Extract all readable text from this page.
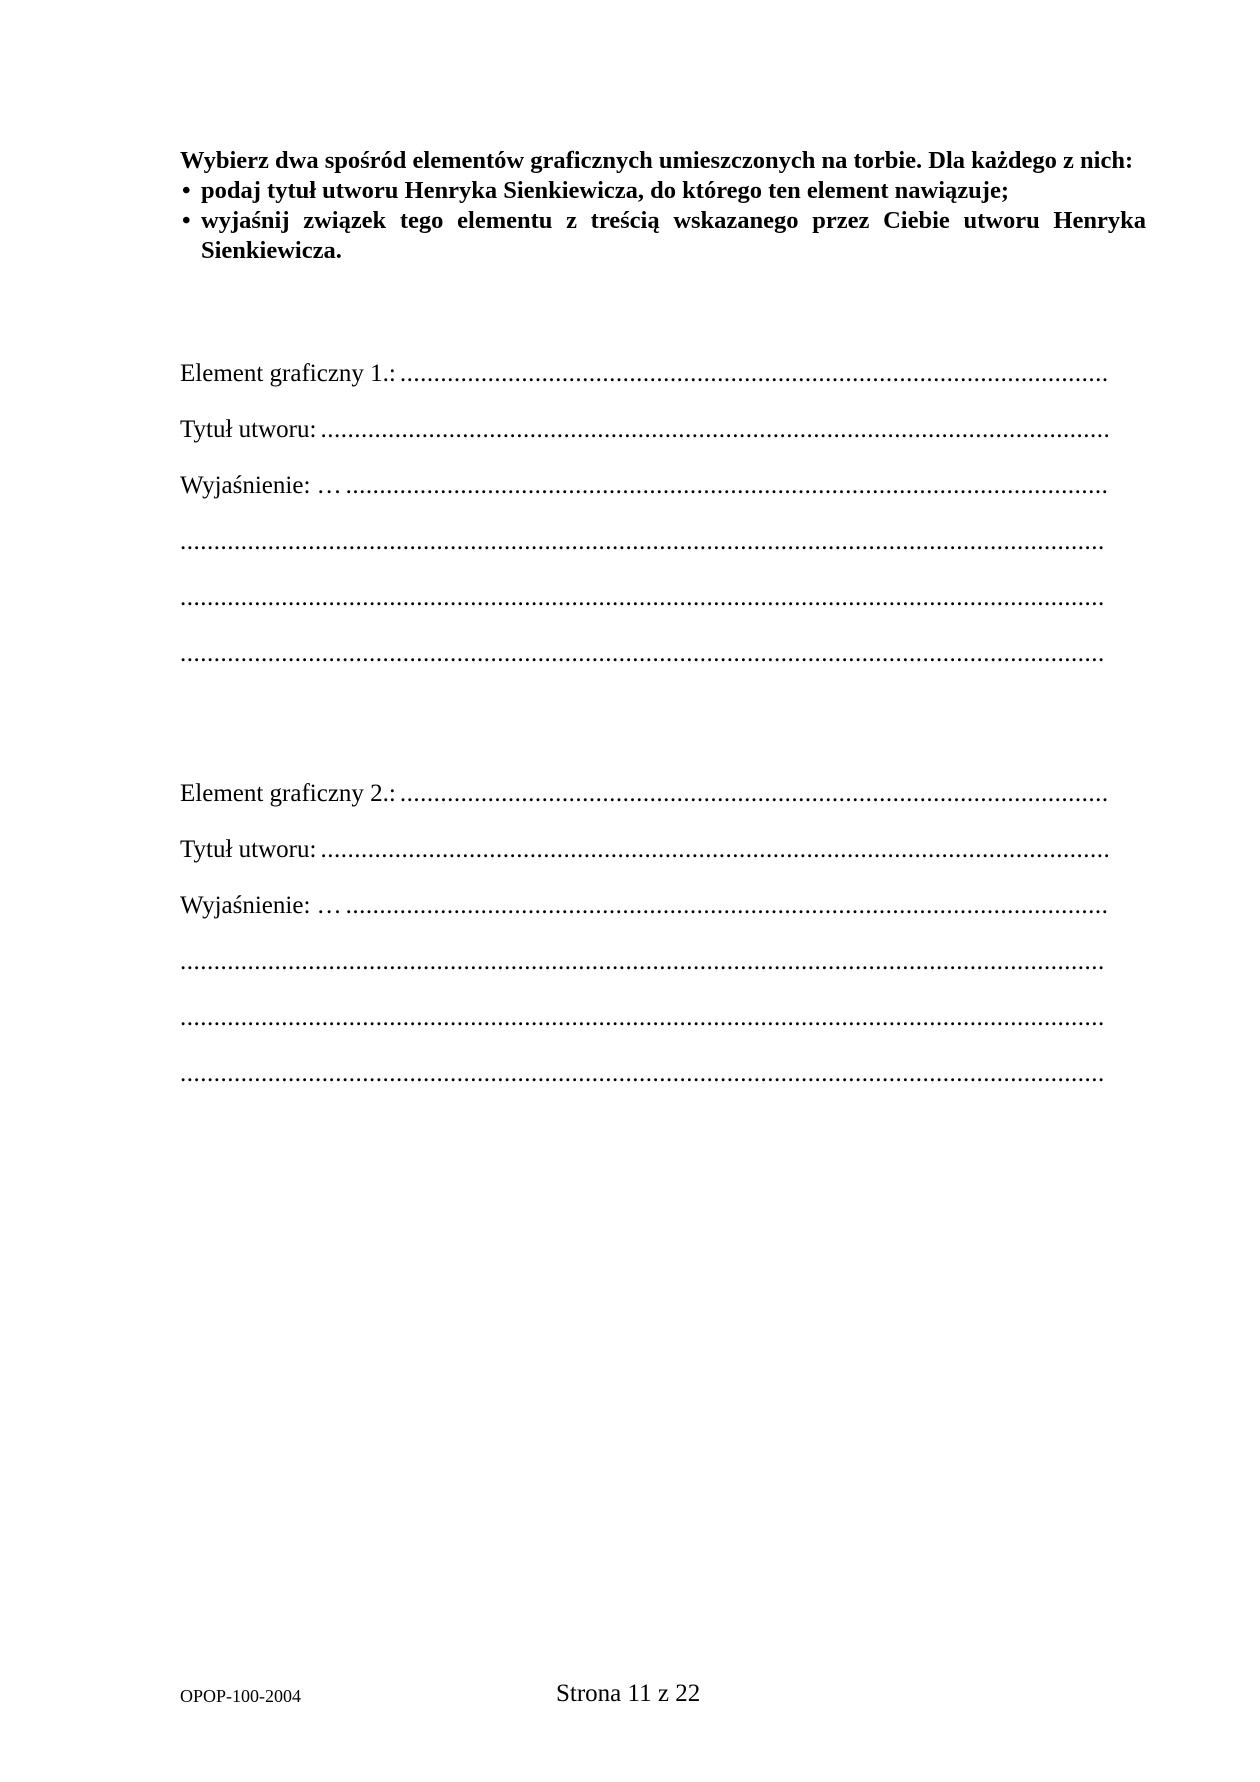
Wybierz dwa spośród elementów graficznych umieszczonych na torbie. Dla każdego z nich:
• podaj tytuł utworu Henryka Sienkiewicza, do którego ten element nawiązuje;
• wyjaśnij związek tego elementu z treścią wskazanego przez Ciebie utworu Henryka Sienkiewicza.
Element graficzny 1.: .........................................................................................................
Tytuł utworu: .....................................................................................................................
Wyjaśnienie: … .................................................................................................................
.........................................................................................................................................
.........................................................................................................................................
.........................................................................................................................................
Element graficzny 2.: .........................................................................................................
Tytuł utworu: .....................................................................................................................
Wyjaśnienie: … .................................................................................................................
.........................................................................................................................................
.........................................................................................................................................
.........................................................................................................................................
OPOP-100-2004	Strona 11 z 22
